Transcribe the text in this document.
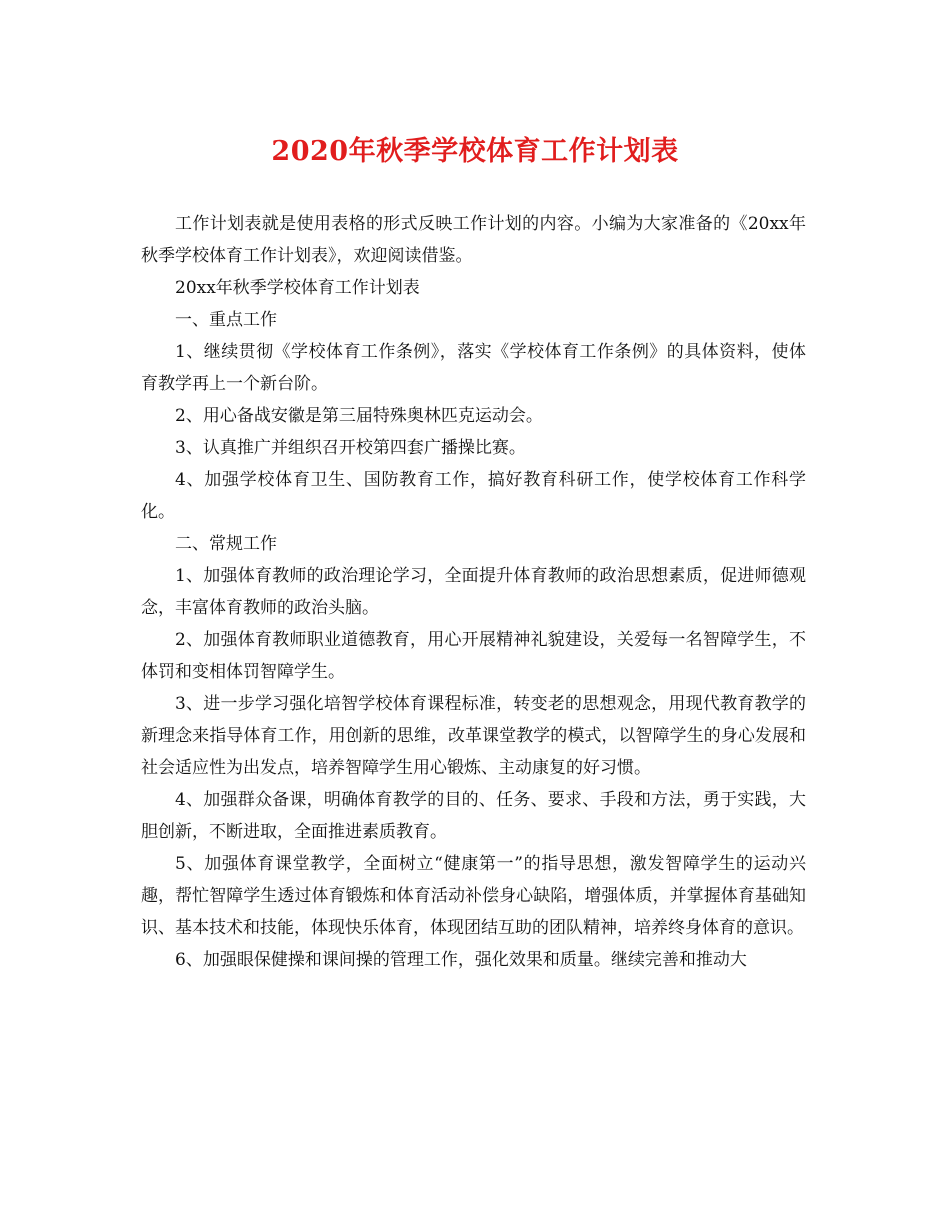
2020年秋季学校体育工作计划表

工作计划表就是使用表格的形式反映工作计划的内容。小编为大家准备的《20xx年秋季学校体育工作计划表》，欢迎阅读借鉴。

20xx年秋季学校体育工作计划表

一、重点工作

1、继续贯彻《学校体育工作条例》，落实《学校体育工作条例》的具体资料，使体育教学再上一个新台阶。

2、用心备战安徽是第三届特殊奥林匹克运动会。

3、认真推广并组织召开校第四套广播操比赛。

4、加强学校体育卫生、国防教育工作，搞好教育科研工作，使学校体育工作科学化。

二、常规工作

1、加强体育教师的政治理论学习，全面提升体育教师的政治思想素质，促进师德观念，丰富体育教师的政治头脑。

2、加强体育教师职业道德教育，用心开展精神礼貌建设，关爱每一名智障学生，不体罚和变相体罚智障学生。

3、进一步学习强化培智学校体育课程标准，转变老的思想观念，用现代教育教学的新理念来指导体育工作，用创新的思维，改革课堂教学的模式，以智障学生的身心发展和社会适应性为出发点，培养智障学生用心锻炼、主动康复的好习惯。

4、加强群众备课，明确体育教学的目的、任务、要求、手段和方法，勇于实践，大胆创新，不断进取，全面推进素质教育。

5、加强体育课堂教学，全面树立“健康第一”的指导思想，激发智障学生的运动兴趣，帮忙智障学生透过体育锻炼和体育活动补偿身心缺陷，增强体质，并掌握体育基础知识、基本技术和技能，体现快乐体育，体现团结互助的团队精神，培养终身体育的意识。

6、加强眼保健操和课间操的管理工作，强化效果和质量。继续完善和推动大
